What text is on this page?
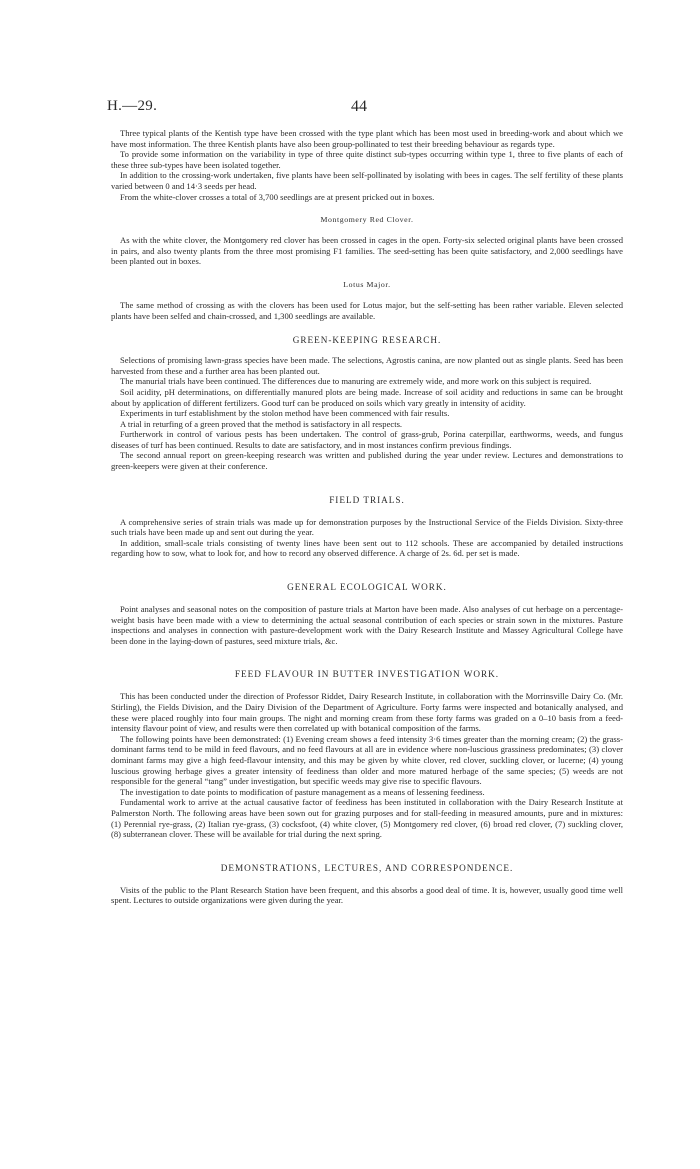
H.—29.	44

Three typical plants of the Kentish type have been crossed with the type plant which has been most used in breeding-work and about which we have most information. The three Kentish plants have also been group-pollinated to test their breeding behaviour as regards type.

To provide some information on the variability in type of three quite distinct sub-types occurring within type 1, three to five plants of each of these three sub-types have been isolated together.

In addition to the crossing-work undertaken, five plants have been self-pollinated by isolating with bees in cages. The self fertility of these plants varied between 0 and 14·3 seeds per head.

From the white-clover crosses a total of 3,700 seedlings are at present pricked out in boxes.

Montgomery Red Clover.

As with the white clover, the Montgomery red clover has been crossed in cages in the open. Forty-six selected original plants have been crossed in pairs, and also twenty plants from the three most promising F1 families. The seed-setting has been quite satisfactory, and 2,000 seedlings have been planted out in boxes.

Lotus Major.

The same method of crossing as with the clovers has been used for Lotus major, but the self-setting has been rather variable. Eleven selected plants have been selfed and chain-crossed, and 1,300 seedlings are available.

GREEN-KEEPING RESEARCH.

Selections of promising lawn-grass species have been made. The selections, Agrostis canina, are now planted out as single plants. Seed has been harvested from these and a further area has been planted out.

The manurial trials have been continued. The differences due to manuring are extremely wide, and more work on this subject is required.

Soil acidity, pH determinations, on differentially manured plots are being made. Increase of soil acidity and reductions in same can be brought about by application of different fertilizers. Good turf can be produced on soils which vary greatly in intensity of acidity.

Experiments in turf establishment by the stolon method have been commenced with fair results.

A trial in returfing of a green proved that the method is satisfactory in all respects.

Furtherwork in control of various pests has been undertaken. The control of grass-grub, Porina caterpillar, earthworms, weeds, and fungus diseases of turf has been continued. Results to date are satisfactory, and in most instances confirm previous findings.

The second annual report on green-keeping research was written and published during the year under review. Lectures and demonstrations to green-keepers were given at their conference.

FIELD TRIALS.

A comprehensive series of strain trials was made up for demonstration purposes by the Instructional Service of the Fields Division. Sixty-three such trials have been made up and sent out during the year.

In addition, small-scale trials consisting of twenty lines have been sent out to 112 schools. These are accompanied by detailed instructions regarding how to sow, what to look for, and how to record any observed difference. A charge of 2s. 6d. per set is made.

GENERAL ECOLOGICAL WORK.

Point analyses and seasonal notes on the composition of pasture trials at Marton have been made. Also analyses of cut herbage on a percentage-weight basis have been made with a view to determining the actual seasonal contribution of each species or strain sown in the mixtures. Pasture inspections and analyses in connection with pasture-development work with the Dairy Research Institute and Massey Agricultural College have been done in the laying-down of pastures, seed mixture trials, &c.

FEED FLAVOUR IN BUTTER INVESTIGATION WORK.

This has been conducted under the direction of Professor Riddet, Dairy Research Institute, in collaboration with the Morrinsville Dairy Co. (Mr. Stirling), the Fields Division, and the Dairy Division of the Department of Agriculture. Forty farms were inspected and botanically analysed, and these were placed roughly into four main groups. The night and morning cream from these forty farms was graded on a 0–10 basis from a feed-intensity flavour point of view, and results were then correlated up with botanical composition of the farms.

The following points have been demonstrated: (1) Evening cream shows a feed intensity 3·6 times greater than the morning cream; (2) the grass-dominant farms tend to be mild in feed flavours, and no feed flavours at all are in evidence where non-luscious grassiness predominates; (3) clover dominant farms may give a high feed-flavour intensity, and this may be given by white clover, red clover, suckling clover, or lucerne; (4) young luscious growing herbage gives a greater intensity of feediness than older and more matured herbage of the same species; (5) weeds are not responsible for the general “tang” under investigation, but specific weeds may give rise to specific flavours.

The investigation to date points to modification of pasture management as a means of lessening feediness.

Fundamental work to arrive at the actual causative factor of feediness has been instituted in collaboration with the Dairy Research Institute at Palmerston North. The following areas have been sown out for grazing purposes and for stall-feeding in measured amounts, pure and in mixtures: (1) Perennial rye-grass, (2) Italian rye-grass, (3) cocksfoot, (4) white clover, (5) Montgomery red clover, (6) broad red clover, (7) suckling clover, (8) subterranean clover. These will be available for trial during the next spring.

DEMONSTRATIONS, LECTURES, AND CORRESPONDENCE.

Visits of the public to the Plant Research Station have been frequent, and this absorbs a good deal of time. It is, however, usually good time well spent. Lectures to outside organizations were given during the year.
